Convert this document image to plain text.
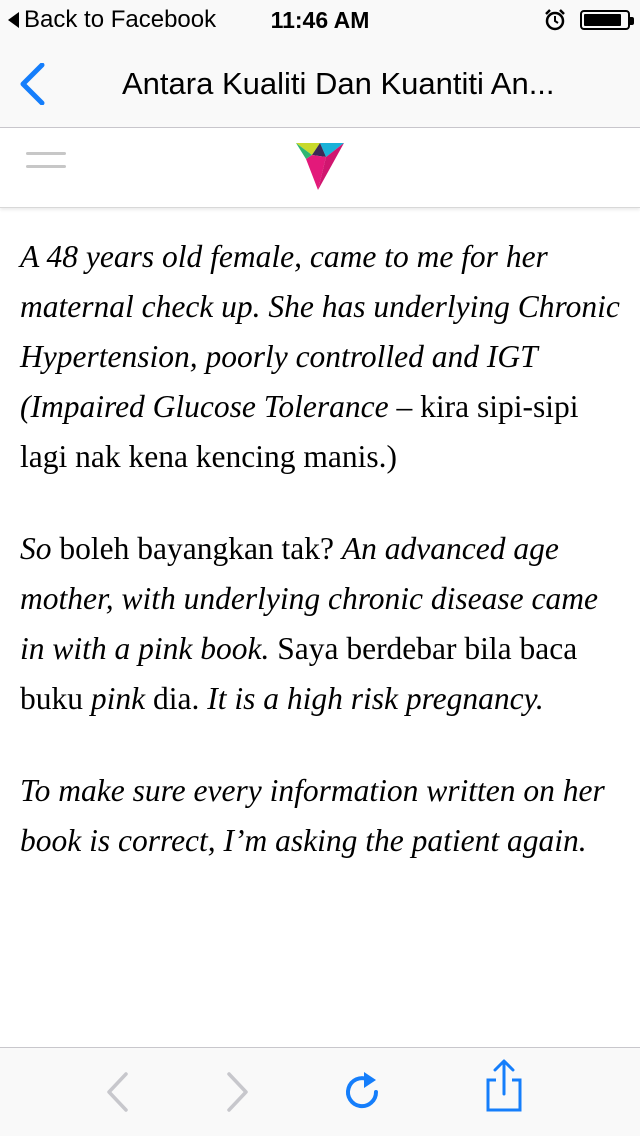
Back to Facebook	11:46 AM
Antara Kualiti Dan Kuantiti An...

A 48 years old female, came to me for her maternal check up. She has underlying Chronic Hypertension, poorly controlled and IGT (Impaired Glucose Tolerance – kira sipi-sipi lagi nak kena kencing manis.)

So boleh bayangkan tak? An advanced age mother, with underlying chronic disease came in with a pink book. Saya berdebar bila baca buku pink dia. It is a high risk pregnancy.

To make sure every information written on her book is correct, I’m asking the patient again.
